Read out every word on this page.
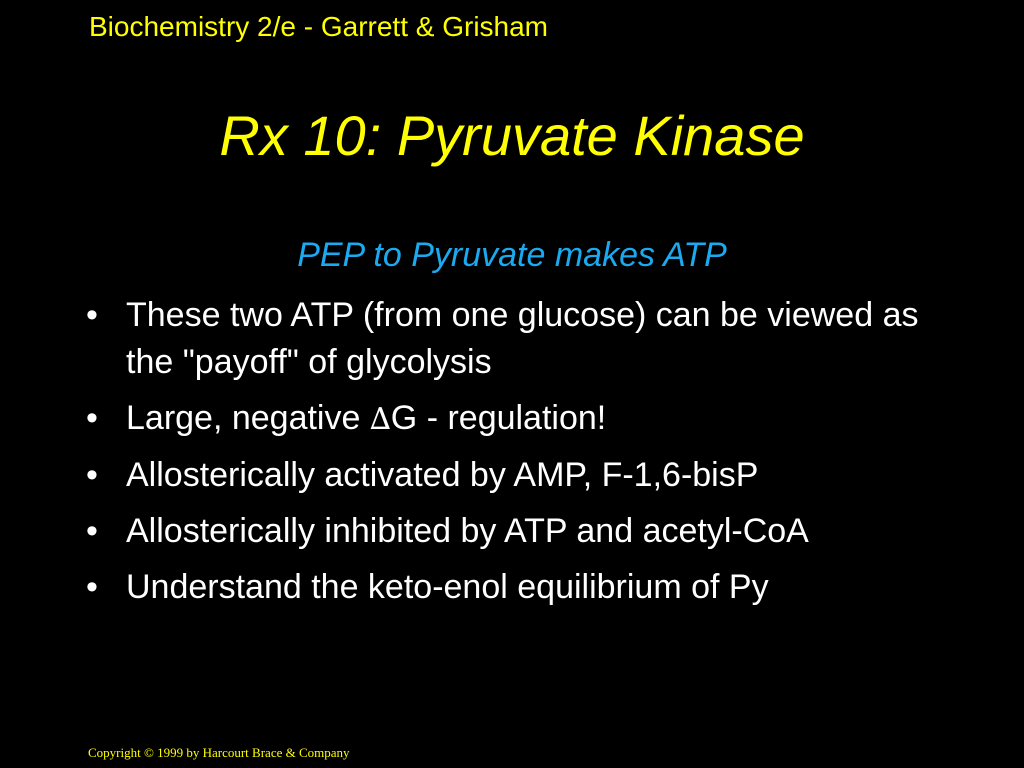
Biochemistry 2/e - Garrett & Grisham
Rx 10: Pyruvate Kinase
PEP to Pyruvate makes ATP
• These two ATP (from one glucose) can be viewed as the "payoff" of glycolysis
• Large, negative ∆G - regulation!
• Allosterically activated by AMP, F-1,6-bisP
• Allosterically inhibited by ATP and acetyl-CoA
• Understand the keto-enol equilibrium of Py
Copyright © 1999 by Harcourt Brace & Company
